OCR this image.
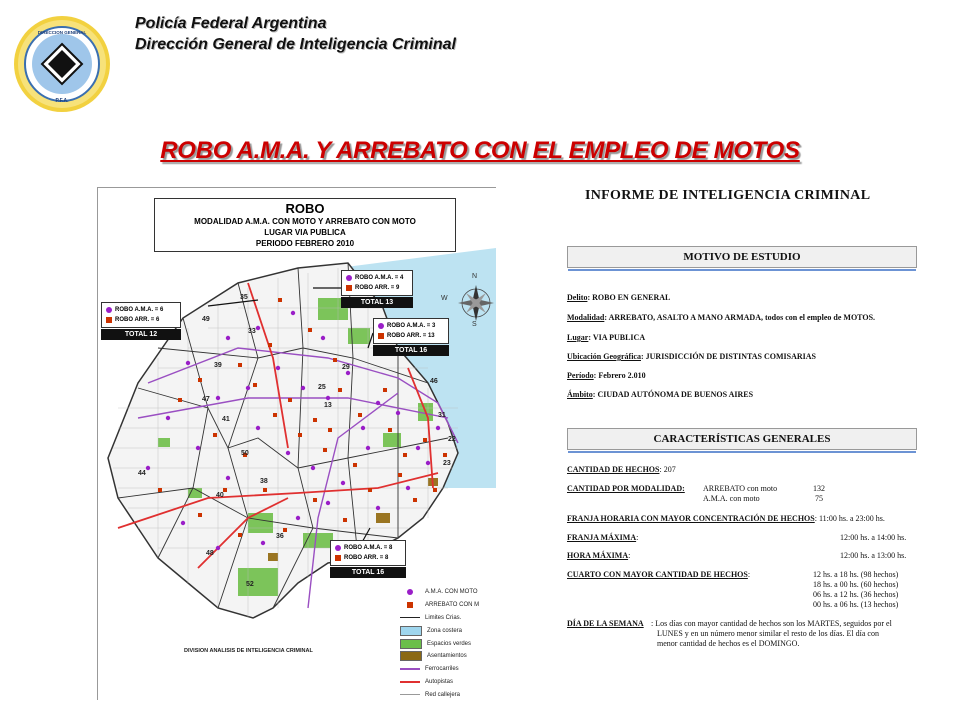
DIRECCION GENERAL
P.F.A.
Policía Federal Argentina
Dirección General de Inteligencia Criminal
ROBO A.M.A. Y ARREBATO CON EL EMPLEO DE MOTOS
N
S
W
ROBO
MODALIDAD A.M.A. CON MOTO Y ARREBATO CON MOTO
LUGAR VIA PUBLICA
PERIODO FEBRERO 2010
ROBO A.M.A. = 6
ROBO ARR. = 6
TOTAL 12
ROBO A.M.A. = 4
ROBO ARR. = 9
TOTAL 13
ROBO A.M.A. = 3
ROBO ARR. = 13
TOTAL 16
ROBO A.M.A. = 8
ROBO ARR. = 8
TOTAL 16
35
49
33
39	29
47
41
25
13
46
50
38
22
44
40
36
48
52
31
23
A.M.A. CON MOTO
ARREBATO CON M
Limites Crias.
Zona costera
Espacios verdes
Asentamientos
Ferrocarriles
Autopistas
Red callejera
DIVISION ANALISIS DE INTELIGENCIA CRIMINAL
INFORME DE INTELIGENCIA CRIMINAL
MOTIVO DE ESTUDIO
Delito: ROBO EN GENERAL
Modalidad: ARREBATO, ASALTO A MANO ARMADA, todos con el empleo de MOTOS.
Lugar: VIA PUBLICA
Ubicación Geográfica: JURISDICCIÓN DE DISTINTAS COMISARIAS
Período: Febrero 2.010
Ámbito: CIUDAD AUTÓNOMA DE BUENOS AIRES
CARACTERÍSTICAS GENERALES
CANTIDAD DE HECHOS: 207
CANTIDAD POR MODALIDAD: ARREBATO con moto	132
A.M.A. con moto	75
FRANJA HORARIA CON MAYOR CONCENTRACIÓN DE HECHOS: 11:00 hs. a 23:00 hs.
FRANJA MÁXIMA:	12:00 hs. a 14:00 hs.
HORA MÁXIMA:	12:00 hs. a 13:00 hs.
CUARTO CON MAYOR CANTIDAD DE HECHOS:	12 hs. a 18 hs. (98 hechos)
18 hs. a 00 hs. (60 hechos)
06 hs. a 12 hs. (36 hechos)
00 hs. a 06 hs. (13 hechos)
DÍA DE LA SEMANA : Los días con mayor cantidad de hechos son los MARTES, seguidos por el
LUNES y en un número menor similar el resto de los días. El día con
menor cantidad de hechos es el DOMINGO.
